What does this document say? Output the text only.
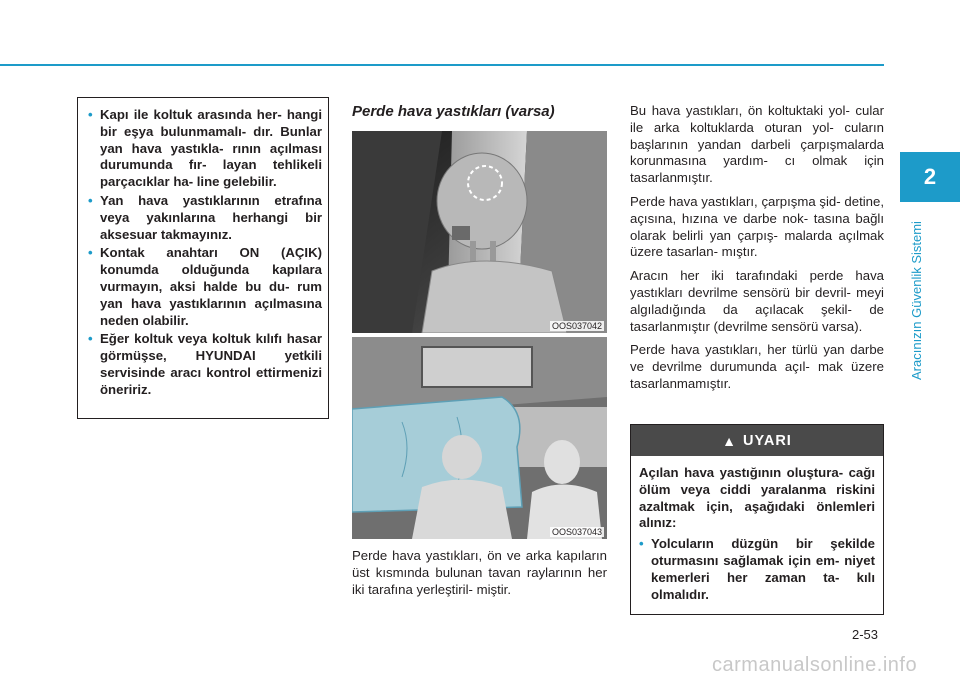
2
Aracınızın Güvenlik Sistemi
• Kapı ile koltuk arasında her- hangi bir eşya bulunmamalı- dır. Bunlar yan hava yastıkla- rının açılması durumunda fır- layan tehlikeli parçacıklar ha- line gelebilir.
• Yan hava yastıklarının etrafına veya yakınlarına herhangi bir aksesuar takmayınız.
• Kontak anahtarı ON (AÇIK) konumda olduğunda kapılara vurmayın, aksi halde bu du- rum yan hava yastıklarının açılmasına neden olabilir.
• Eğer koltuk veya koltuk kılıfı hasar görmüşse, HYUNDAI yetkili servisinde aracı kontrol ettirmenizi öneririz.
Perde hava yastıkları (varsa)
OOS037042
OOS037043

Perde hava yastıkları, ön ve arka kapıların üst kısmında bulunan tavan raylarının her iki tarafına yerleştiril- miştir.

Bu hava yastıkları, ön koltuktaki yol- cular ile arka koltuklarda oturan yol- cuların başlarının yandan darbeli çarpışmalarda korunmasına yardım- cı olmak için tasarlanmıştır.

Perde hava yastıkları, çarpışma şid- detine, açısına, hızına ve darbe nok- tasına bağlı olarak belirli yan çarpış- malarda açılmak üzere tasarlan- mıştır.

Aracın her iki tarafındaki perde hava yastıkları devrilme sensörü bir devril- meyi algıladığında da açılacak şekil- de tasarlanmıştır (devrilme sensörü varsa).

Perde hava yastıkları, her türlü yan darbe ve devrilme durumunda açıl- mak üzere tasarlanmamıştır.

▲ UYARI

Açılan hava yastığının oluştura- cağı ölüm veya ciddi yaralanma riskini azaltmak için, aşağıdaki önlemleri alınız:

• Yolcuların düzgün bir şekilde oturmasını sağlamak için em- niyet kemerleri her zaman ta- kılı olmalıdır.
2-53
carmanualsonline.info
